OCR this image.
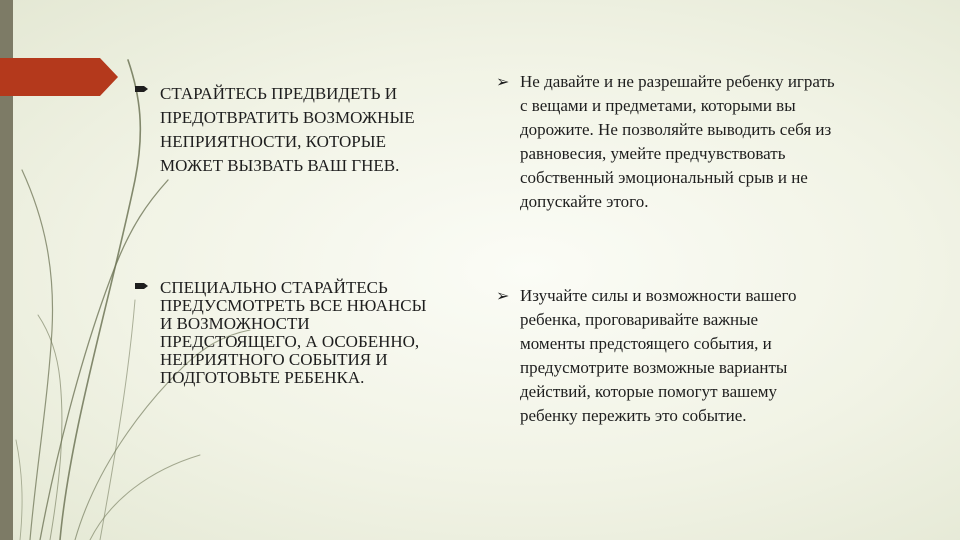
СТАРАЙТЕСЬ ПРЕДВИДЕТЬ И
ПРЕДОТВРАТИТЬ ВОЗМОЖНЫЕ
НЕПРИЯТНОСТИ, КОТОРЫЕ
МОЖЕТ ВЫЗВАТЬ ВАШ ГНЕВ.
СПЕЦИАЛЬНО СТАРАЙТЕСЬ
ПРЕДУСМОТРЕТЬ ВСЕ НЮАНСЫ
И ВОЗМОЖНОСТИ
ПРЕДСТОЯЩЕГО, А ОСОБЕННО,
НЕПРИЯТНОГО СОБЫТИЯ И
ПОДГОТОВЬТЕ РЕБЕНКА.
➢ Не давайте и не разрешайте ребенку играть
с вещами и предметами, которыми вы
дорожите. Не позволяйте выводить себя из
равновесия, умейте предчувствовать
собственный эмоциональный срыв и не
допускайте этого.
➢ Изучайте силы и возможности вашего
ребенка, проговаривайте важные
моменты предстоящего события, и
предусмотрите возможные варианты
действий, которые помогут вашему
ребенку пережить это событие.
